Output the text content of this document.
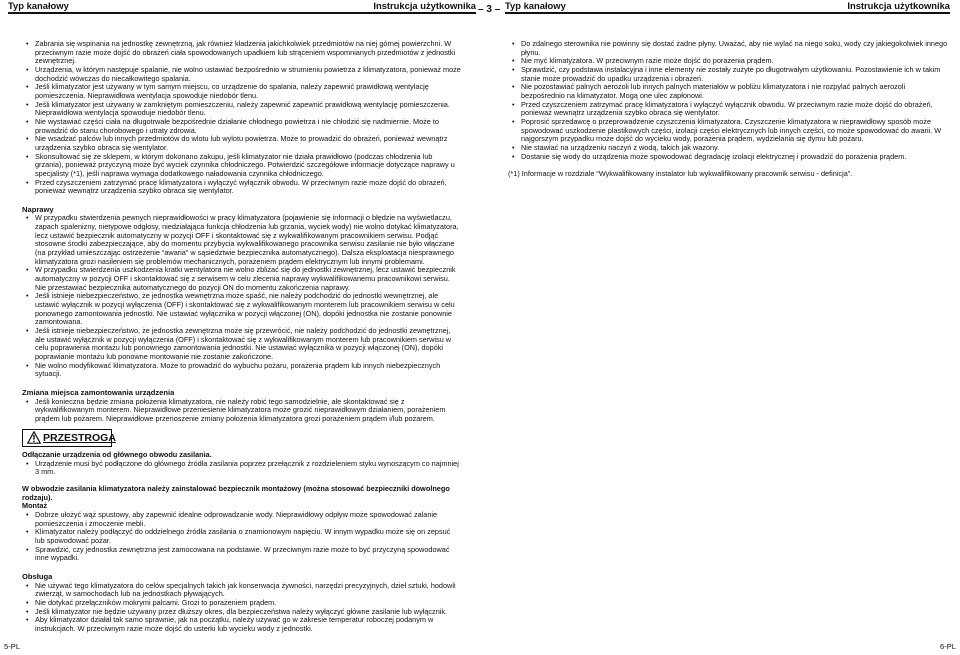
Typ kanałowy	Instrukcja użytkownika – 3 – Typ kanałowy	Instrukcja użytkownika
• Zabrania się wspinania na jednostkę zewnętrzną, jak również kładzenia jakichkolwiek przedmiotów na niej górnej powierzchni. W przeciwnym razie może dojść do obrażeń ciała spowodowanych upadkiem lub strąceniem wspomnianych przedmiotów z jednostki zewnętrznej.
• Urządzenia, w którym następuje spalanie, nie wolno ustawiać bezpośrednio w strumieniu powietrza z klimatyzatora, ponieważ może dochodzić wówczas do niecałkowitego spalania.
• Jeśli klimatyzator jest używany w tym samym miejscu, co urządzenie do spalania, należy zapewnić prawidłową wentylację pomieszczenia. Nieprawidłowa wentylacja spowoduje niedobór tlenu.
• Jeśli klimatyzator jest używany w zamkniętym pomieszczeniu, należy zapewnić zapewnić prawidłową wentylację pomieszczenia. Nieprawidłowa wentylacja spowoduje niedobór tlenu.
• Nie wystawiać części ciała na długotrwałe bezpośrednie działanie chłodnego powietrza i nie chłodzić się nadmiernie. Może to prowadzić do stanu chorobowego i utraty zdrowia.
• Nie wsadzać palców lub innych przedmiotów do wlotu lub wylotu powietrza. Może to prowadzić do obrażeń, ponieważ wewnątrz urządzenia szybko obraca się wentylator.
• Skonsultować się ze sklepem, w którym dokonano zakupu, jeśli klimatyzator nie działa prawidłowo (podczas chłodzenia lub grzania), ponieważ przyczyną może być wyciek czynnika chłodniczego. Potwierdzić szczegółowe informacje dotyczące naprawy u specjalisty (*1), jeśli naprawa wymaga dodatkowego naładowania czynnika chłodniczego.
• Przed czyszczeniem zatrzymać pracę klimatyzatora i wyłączyć wyłącznik obwodu. W przeciwnym razie może dojść do obrażeń, ponieważ wewnątrz urządzenia szybko obraca się wentylator.
Naprawy
• W przypadku stwierdzenia pewnych nieprawidłowości w pracy klimatyzatora (pojawienie się informacji o błędzie na wyświetlaczu, zapach spalenizny, nietypowe odgłosy, niedziałająca funkcja chłodzenia lub grzania, wyciek wody) nie wolno dotykać klimatyzatora, lecz ustawić bezpiecznik automatyczny w pozycji OFF i skontaktować się z wykwalifikowanym pracownikiem serwisu. Podjąć stosowne środki zabezpieczające, aby do momentu przybycia wykwalifikowanego pracownika serwisu zasilanie nie było włączane (na przykład umieszczając ostrzeżenie “awaria” w sąsiedztwie bezpiecznika automatycznego). Dalsza eksploatacja niesprawnego klimatyzatora grozi nasileniem się problemów mechanicznych, porażeniem prądem elektrycznym lub innymi problemami.
• W przypadku stwierdzenia uszkodzenia kratki wentylatora nie wolno zbliżać się do jednostki zewnętrznej, lecz ustawić bezpiecznik automatyczny w pozycji OFF i skontaktować się z serwisem w celu zlecenia naprawy wykwalifikowanemu pracownikowi serwisu. Nie przestawiać bezpiecznika automatycznego do pozycji ON do momentu zakończenia naprawy.
• Jeśli istnieje niebezpieczeństwo, że jednostka wewnętrzna może spaść, nie należy podchodzić do jednostki wewnętrznej, ale ustawić wyłącznik w pozycji wyłączenia (OFF) i skontaktować się z wykwalifikowanym monterem lub pracownikiem serwisu w celu ponownego zamontowania jednostki. Nie ustawiać wyłącznika w pozycji włączonej (ON), dopóki jednostka nie zostanie ponownie zamontowana.
• Jeśli istnieje niebezpieczeństwo, że jednostka zewnętrzna może się przewrócić, nie należy podchodzić do jednostki zewnętrznej, ale ustawić wyłącznik w pozycji wyłączenia (OFF) i skontaktować się z wykwalifikowanym monterem lub pracownikiem serwisu w celu poprawienia montażu lub ponownego zamontowania jednostki. Nie ustawiać wyłącznika w pozycji włączonej (ON), dopóki poprawianie montażu lub ponowne montowanie nie zostanie zakończone.
• Nie wolno modyfikować klimatyzatora. Może to prowadzić do wybuchu pożaru, porażenia prądem lub innych niebezpiecznych sytuacji.
Zmiana miejsca zamontowania urządzenia
• Jeśli konieczna będzie zmiana położenia klimatyzatora, nie należy robić tego samodzielnie, ale skontaktować się z wykwalifikowanym monterem. Nieprawidłowe przeniesienie klimatyzatora może grozić nieprawidłowym działaniem, porażeniem prądem lub pożarem. Nieprawidłowe przenoszenie zmiany położenia klimatyzatora grozi porażeniem prądem i/lub pożarem.
PRZESTROGA
Odłączanie urządzenia od głównego obwodu zasilania.
• Urządzenie musi być podłączone do głównego źródła zasilania poprzez przełącznik z rozdzieleniem styku wynoszącym co najmniej 3 mm.
W obwodzie zasilania klimatyzatora należy zainstalować bezpiecznik montażowy (można stosować bezpieczniki dowolnego rodzaju).
Montaż
• Dobrze ułożyć wąż spustowy, aby zapewnić idealne odprowadzanie wody. Nieprawidłowy odpływ może spowodować zalanie pomieszczenia i zmoczenie mebli.
• Klimatyzator należy podłączyć do oddzielnego źródła zasilania o znamionowym napięciu. W innym wypadku może się on zepsuć lub spowodować pożar.
• Sprawdzić, czy jednostka zewnętrzna jest zamocowana na podstawie. W przeciwnym razie może to być przyczyną spowodować inne wypadki.
Obsługa
• Nie używać tego klimatyzatora do celów specjalnych takich jak konserwacja żywności, narzędzi precyzyjnych, dzieł sztuki, hodowli zwierząt, w samochodach lub na jednostkach pływających.
• Nie dotykać przełączników mokrymi palcami. Grozi to porażeniem prądem.
• Jeśli klimatyzator nie będzie używany przez dłuższy okres, dla bezpieczeństwa należy wyłączyć główne zasilanie lub wyłącznik.
• Aby klimatyzator działał tak samo sprawnie, jak na początku, należy używać go w zakresie temperatur roboczej podanym w instrukcjach. W przeciwnym razie może dojść do usterki lub wycieku wody z jednostki.
• Do zdalnego sterownika nie powinny się dostać żadne płyny. Uważać, aby nie wylać na niego soku, wody czy jakiegokolwiek innego płynu.
• Nie myć klimatyzatora. W przeciwnym razie może dojść do porażenia prądem.
• Sprawdzić, czy podstawa instalacyjna i inne elementy nie zostały zużyte po długotrwałym użytkowaniu. Pozostawienie ich w takim stanie może prowadzić do upadku urządzenia i obrażeń.
• Nie pozostawiać palnych aerozoli lub innych palnych materiałów w pobliżu klimatyzatora i nie rozpylać palnych aerozoli bezpośrednio na klimatyzator. Mogą one ulec zapłonowi.
• Przed czyszczeniem zatrzymać pracę klimatyzatora i wyłączyć wyłącznik obwodu. W przeciwnym razie może dojść do obrażeń, ponieważ wewnątrz urządzenia szybko obraca się wentylator.
• Poprosić sprzedawcę o przeprowadzenie czyszczenia klimatyzatora. Czyszczenie klimatyzatora w nieprawidłowy sposób może spowodować uszkodzenie plastikowych części, izolacji części elektrycznych lub innych części, co może spowodować do awarii. W najgorszym przypadku może dojść do wycieku wody, porażenia prądem, wydzielania się dymu lub pożaru.
• Nie stawiać na urządzeniu naczyń z wodą, takich jak wazony.
• Dostanie się wody do urządzenia może spowodować degradację izolacji elektrycznej i prowadzić do porażenia prądem.
(*1) Informacje w rozdziale “Wykwalifikowany instalator lub wykwalifikowany pracownik serwisu - definicja”.
5-PL	6-PL
